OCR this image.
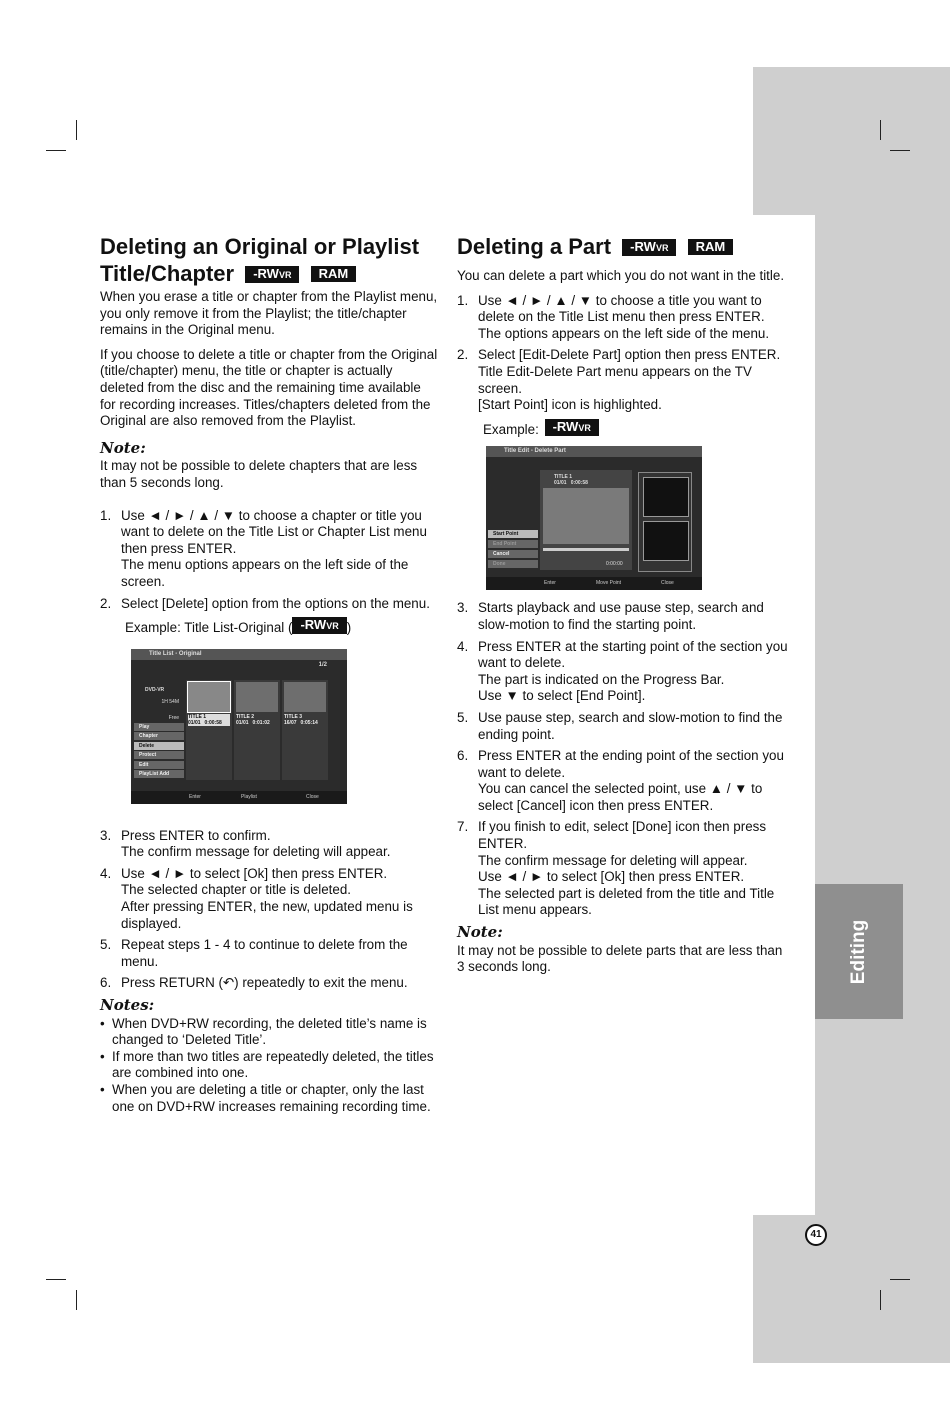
Editing
41
Deleting an Original or Playlist
Title/Chapter -RWVR RAM

When you erase a title or chapter from the Playlist menu, you only remove it from the Playlist; the title/chapter remains in the Original menu.

If you choose to delete a title or chapter from the Original (title/chapter) menu, the title or chapter is actually deleted from the disc and the remaining time available for recording increases. Titles/chapters deleted from the Original are also removed from the Playlist.

Note:

It may not be possible to delete chapters that are less than 5 seconds long.

1. Use ◄ / ► / ▲ / ▼ to choose a chapter or title you want to delete on the Title List or Chapter List menu then press ENTER.
The menu options appears on the left side of the screen.
2. Select [Delete] option from the options on the menu.
Example: Title List-Original ( -RWVR )
Title List - Original
1/2
DVD-VR
1H 54M
Free
Play
Chapter
Delete
Protect
Edit
PlayList Add
TITLE 1
01/01 0:00:58
TITLE 2
01/01 0:01:02
TITLE 3
16/07 0:05:14
Enter	Playlist	Close
3. Press ENTER to confirm.
The confirm message for deleting will appear.
4. Use ◄ / ► to select [Ok] then press ENTER.
The selected chapter or title is deleted.
After pressing ENTER, the new, updated menu is displayed.
5. Repeat steps 1 - 4 to continue to delete from the menu.
6. Press RETURN (↶) repeatedly to exit the menu.
Notes:
• When DVD+RW recording, the deleted title’s name is changed to ‘Deleted Title’.
• If more than two titles are repeatedly deleted, the titles are combined into one.
• When you are deleting a title or chapter, only the last one on DVD+RW increases remaining recording time.
Deleting a Part -RWVR RAM

You can delete a part which you do not want in the title.

1. Use ◄ / ► / ▲ / ▼ to choose a title you want to delete on the Title List menu then press ENTER.
The options appears on the left side of the menu.
2. Select [Edit-Delete Part] option then press ENTER.
Title Edit-Delete Part menu appears on the TV screen.
[Start Point] icon is highlighted.
Example: -RWVR
Title Edit - Delete Part
TITLE 1
01/01 0:00:58
0:00:00
Start Point
End Point
Cancel
Done
Enter	Move Point	Close
3. Starts playback and use pause step, search and slow-motion to find the starting point.
4. Press ENTER at the starting point of the section you want to delete.
The part is indicated on the Progress Bar.
Use ▼ to select [End Point].
5. Use pause step, search and slow-motion to find the ending point.
6. Press ENTER at the ending point of the section you want to delete.
You can cancel the selected point, use ▲ / ▼ to select [Cancel] icon then press ENTER.
7. If you finish to edit, select [Done] icon then press ENTER.
The confirm message for deleting will appear.
Use ◄ / ► to select [Ok] then press ENTER.
The selected part is deleted from the title and Title List menu appears.
Note:

It may not be possible to delete parts that are less than 3 seconds long.
